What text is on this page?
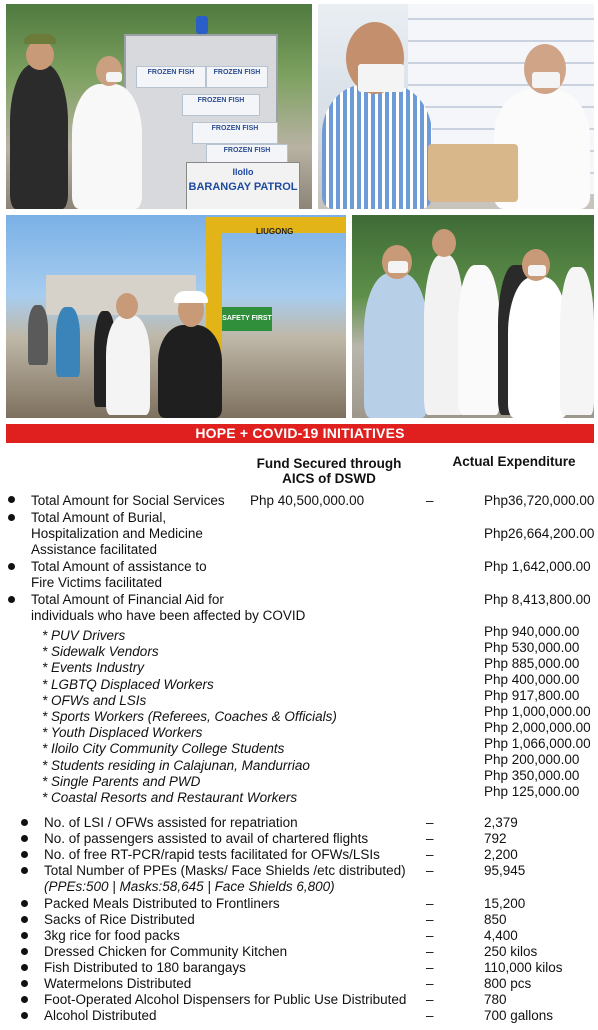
FROZEN FISH	FROZEN FISH
FROZEN FISH
FROZEN FISH
FROZEN FISH
IloIlo
BARANGAY PATROL
LIUGONG
SAFETY FIRST
HOPE + COVID-19 INITIATIVES
Fund Secured through
AICS of DSWD
Actual Expenditure
Total Amount for Social Services Php 40,500,000.00	–	Php36,720,000.00
Total Amount of Burial,
Hospitalization and Medicine
Assistance facilitated
Php26,664,200.00
Total Amount of assistance to
Fire Victims facilitated
Php 1,642,000.00
Total Amount of Financial Aid for
individuals who have been affected by COVID
Php 8,413,800.00
* PUV Drivers	Php 940,000.00
* Sidewalk Vendors	Php 530,000.00
* Events Industry	Php 885,000.00
* LGBTQ Displaced Workers	Php 400,000.00
* OFWs and LSIs	Php 917,800.00
* Sports Workers (Referees, Coaches & Officials)	Php 1,000,000.00
* Youth Displaced Workers	Php 2,000,000.00
* Iloilo City Community College Students	Php 1,066,000.00
* Students residing in Calajunan, Mandurriao	Php 200,000.00
* Single Parents and PWD	Php 350,000.00
* Coastal Resorts and Restaurant Workers	Php 125,000.00
No. of LSI / OFWs assisted for repatriation	–	2,379
No. of passengers assisted to avail of chartered flights	–	792
No. of free RT-PCR/rapid tests facilitated for OFWs/LSIs	–	2,200
Total Number of PPEs (Masks/ Face Shields /etc distributed) –	95,945
(PPEs:500 | Masks:58,645 | Face Shields 6,800)
Packed Meals Distributed to Frontliners	–	15,200
Sacks of Rice Distributed	–	850
3kg rice for food packs	–	4,400
Dressed Chicken for Community Kitchen	–	250 kilos
Fish Distributed to 180 barangays	–	110,000 kilos
Watermelons Distributed	–	800 pcs
Foot-Operated Alcohol Dispensers for Public Use Distributed –	780
Alcohol Distributed	–	700 gallons
